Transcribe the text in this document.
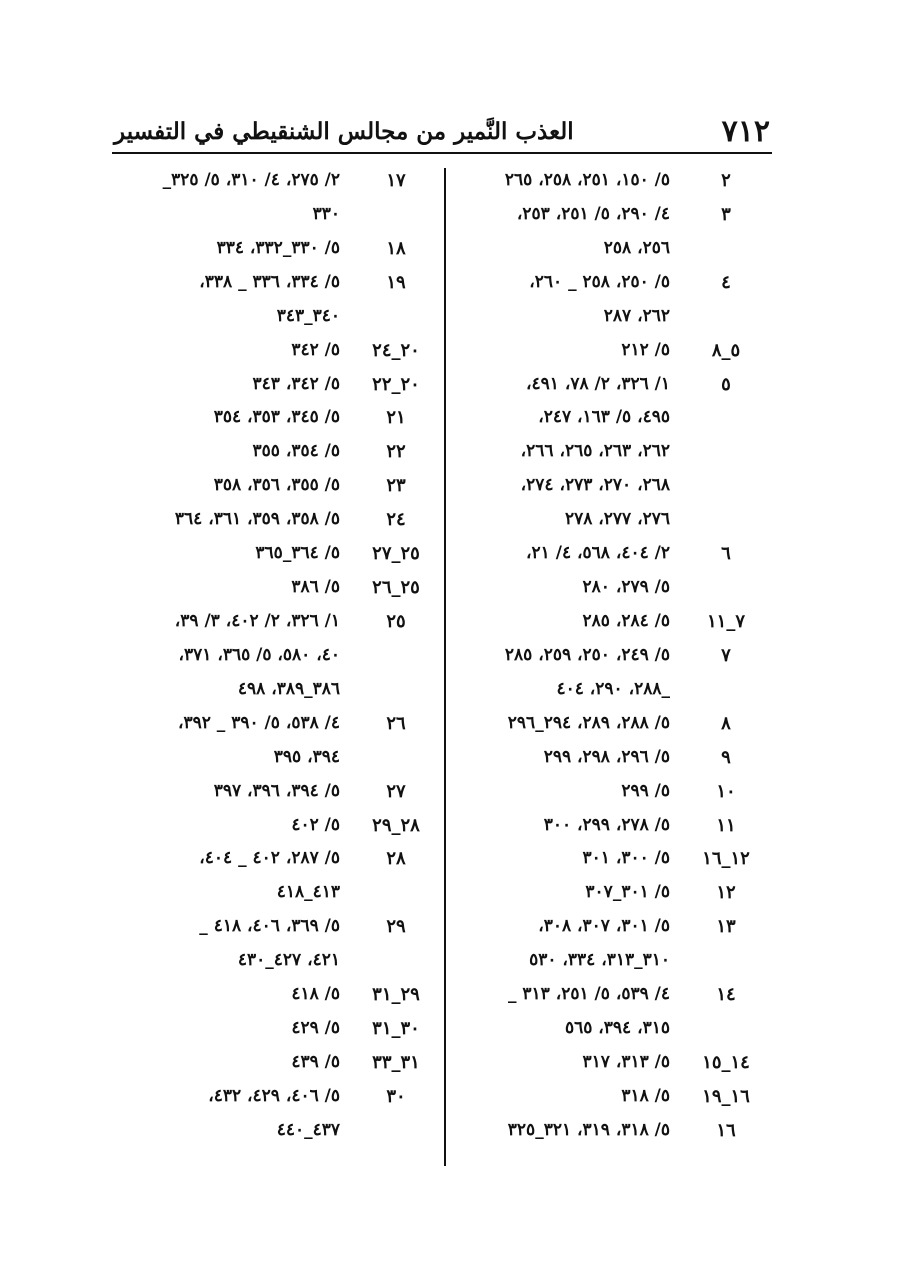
٧١٢
العذب النَّمير من مجالس الشنقيطي في التفسير
٢
٥/ ١٥٠، ٢٥١، ٢٥٨، ٢٦٥
٣
٤/ ٢٩٠، ٥/ ٢٥١، ٢٥٣،
٢٥٦، ٢٥٨
٤
٥/ ٢٥٠، ٢٥٨ _ ٢٦٠،
٢٦٢، ٢٨٧
٥_٨
٥/ ٢١٢
٥
١/ ٣٢٦، ٢/ ٧٨، ٤٩١،
٤٩٥، ٥/ ١٦٣، ٢٤٧،
٢٦٢، ٢٦٣، ٢٦٥، ٢٦٦،
٢٦٨، ٢٧٠، ٢٧٣، ٢٧٤،
٢٧٦، ٢٧٧، ٢٧٨
٦
٢/ ٤٠٤، ٥٦٨، ٤/ ٢١،
٥/ ٢٧٩، ٢٨٠
٧_١١
٥/ ٢٨٤، ٢٨٥
٧
٥/ ٢٤٩، ٢٥٠، ٢٥٩، ٢٨٥
_٢٨٨، ٢٩٠، ٤٠٤
٨
٥/ ٢٨٨، ٢٨٩، ٢٩٤_٢٩٦
٩
٥/ ٢٩٦، ٢٩٨، ٢٩٩
١٠
٥/ ٢٩٩
١١
٥/ ٢٧٨، ٢٩٩، ٣٠٠
١٢_١٦
٥/ ٣٠٠، ٣٠١
١٢
٥/ ٣٠١_٣٠٧
١٣
٥/ ٣٠١، ٣٠٧، ٣٠٨،
٣١٠_٣١٣، ٣٣٤، ٥٣٠
١٤
٤/ ٥٣٩، ٥/ ٢٥١، ٣١٣ _
٣١٥، ٣٩٤، ٥٦٥
١٤_١٥
٥/ ٣١٣، ٣١٧
١٦_١٩
٥/ ٣١٨
١٦
٥/ ٣١٨، ٣١٩، ٣٢١_٣٢٥
١٧
٢/ ٢٧٥، ٤/ ٣١٠، ٥/ ٣٢٥_
٣٣٠
١٨
٥/ ٣٣٠_٣٣٢، ٣٣٤
١٩
٥/ ٣٣٤، ٣٣٦ _ ٣٣٨،
٣٤٠_٣٤٣
٢٠_٢٤
٥/ ٣٤٢
٢٠_٢٢
٥/ ٣٤٢، ٣٤٣
٢١
٥/ ٣٤٥، ٣٥٣، ٣٥٤
٢٢
٥/ ٣٥٤، ٣٥٥
٢٣
٥/ ٣٥٥، ٣٥٦، ٣٥٨
٢٤
٥/ ٣٥٨، ٣٥٩، ٣٦١، ٣٦٤
٢٥_٢٧
٥/ ٣٦٤_٣٦٥
٢٥_٢٦
٥/ ٣٨٦
٢٥
١/ ٣٢٦، ٢/ ٤٠٢، ٣/ ٣٩،
٤٠، ٥٨٠، ٥/ ٣٦٥، ٣٧١،
٣٨٦_٣٨٩، ٤٩٨
٢٦
٤/ ٥٣٨، ٥/ ٣٩٠ _ ٣٩٢،
٣٩٤، ٣٩٥
٢٧
٥/ ٣٩٤، ٣٩٦، ٣٩٧
٢٨_٢٩
٥/ ٤٠٢
٢٨
٥/ ٢٨٧، ٤٠٢ _ ٤٠٤،
٤١٣_٤١٨
٢٩
٥/ ٣٦٩، ٤٠٦، ٤١٨ _
٤٢١، ٤٢٧_٤٣٠
٢٩_٣١
٥/ ٤١٨
٣٠_٣١
٥/ ٤٢٩
٣١_٣٣
٥/ ٤٣٩
٣٠
٥/ ٤٠٦، ٤٢٩، ٤٣٢،
٤٣٧_٤٤٠
